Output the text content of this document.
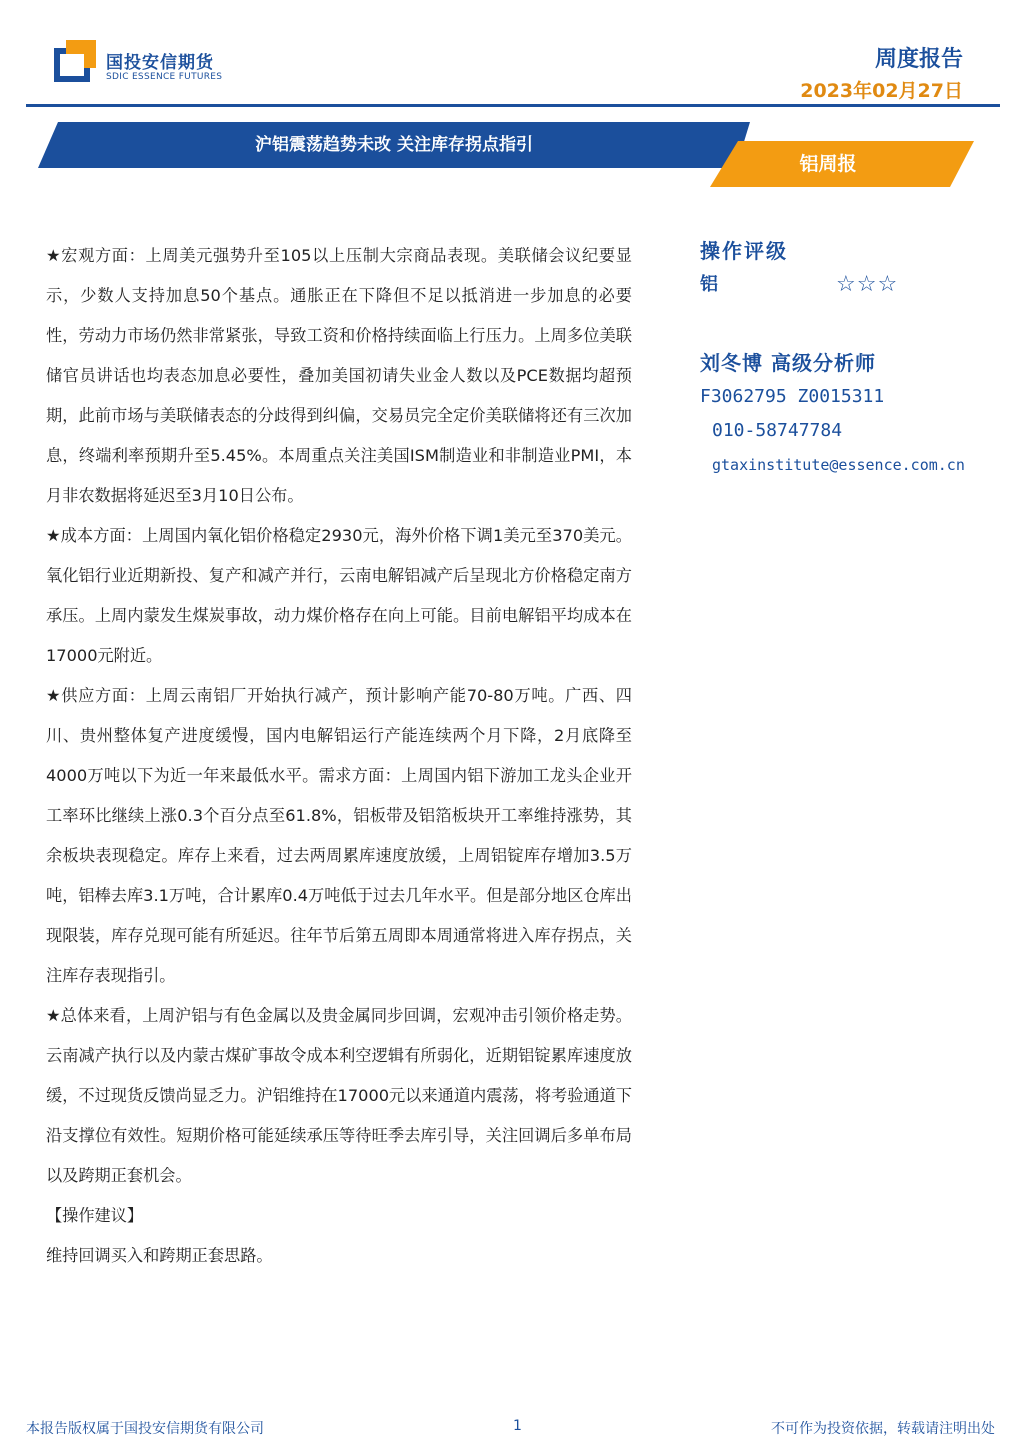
国投安信期货
SDIC ESSENCE FUTURES
周度报告
2023年02月27日
沪铝震荡趋势未改 关注库存拐点指引
铝周报

★宏观方面：上周美元强势升至105以上压制大宗商品表现。美联储会议纪要显示，少数人支持加息50个基点。通胀正在下降但不足以抵消进一步加息的必要性，劳动力市场仍然非常紧张，导致工资和价格持续面临上行压力。上周多位美联储官员讲话也均表态加息必要性，叠加美国初请失业金人数以及PCE数据均超预期，此前市场与美联储表态的分歧得到纠偏，交易员完全定价美联储将还有三次加息，终端利率预期升至5.45%。本周重点关注美国ISM制造业和非制造业PMI，本月非农数据将延迟至3月10日公布。

★成本方面：上周国内氧化铝价格稳定2930元，海外价格下调1美元至370美元。氧化铝行业近期新投、复产和减产并行，云南电解铝减产后呈现北方价格稳定南方承压。上周内蒙发生煤炭事故，动力煤价格存在向上可能。目前电解铝平均成本在17000元附近。

★供应方面：上周云南铝厂开始执行减产，预计影响产能70-80万吨。广西、四川、贵州整体复产进度缓慢，国内电解铝运行产能连续两个月下降，2月底降至4000万吨以下为近一年来最低水平。需求方面：上周国内铝下游加工龙头企业开工率环比继续上涨0.3个百分点至61.8%，铝板带及铝箔板块开工率维持涨势，其余板块表现稳定。库存上来看，过去两周累库速度放缓，上周铝锭库存增加3.5万吨，铝棒去库3.1万吨，合计累库0.4万吨低于过去几年水平。但是部分地区仓库出现限装，库存兑现可能有所延迟。往年节后第五周即本周通常将进入库存拐点，关注库存表现指引。

★总体来看，上周沪铝与有色金属以及贵金属同步回调，宏观冲击引领价格走势。云南减产执行以及内蒙古煤矿事故令成本利空逻辑有所弱化，近期铝锭累库速度放缓，不过现货反馈尚显乏力。沪铝维持在17000元以来通道内震荡，将考验通道下沿支撑位有效性。短期价格可能延续承压等待旺季去库引导，关注回调后多单布局以及跨期正套机会。

【操作建议】

维持回调买入和跨期正套思路。

操作评级
铝	☆☆☆
刘冬博 高级分析师
F3062795 Z0015311
010-58747784
gtaxinstitute@essence.com.cn
本报告版权属于国投安信期货有限公司	1	不可作为投资依据，转载请注明出处
